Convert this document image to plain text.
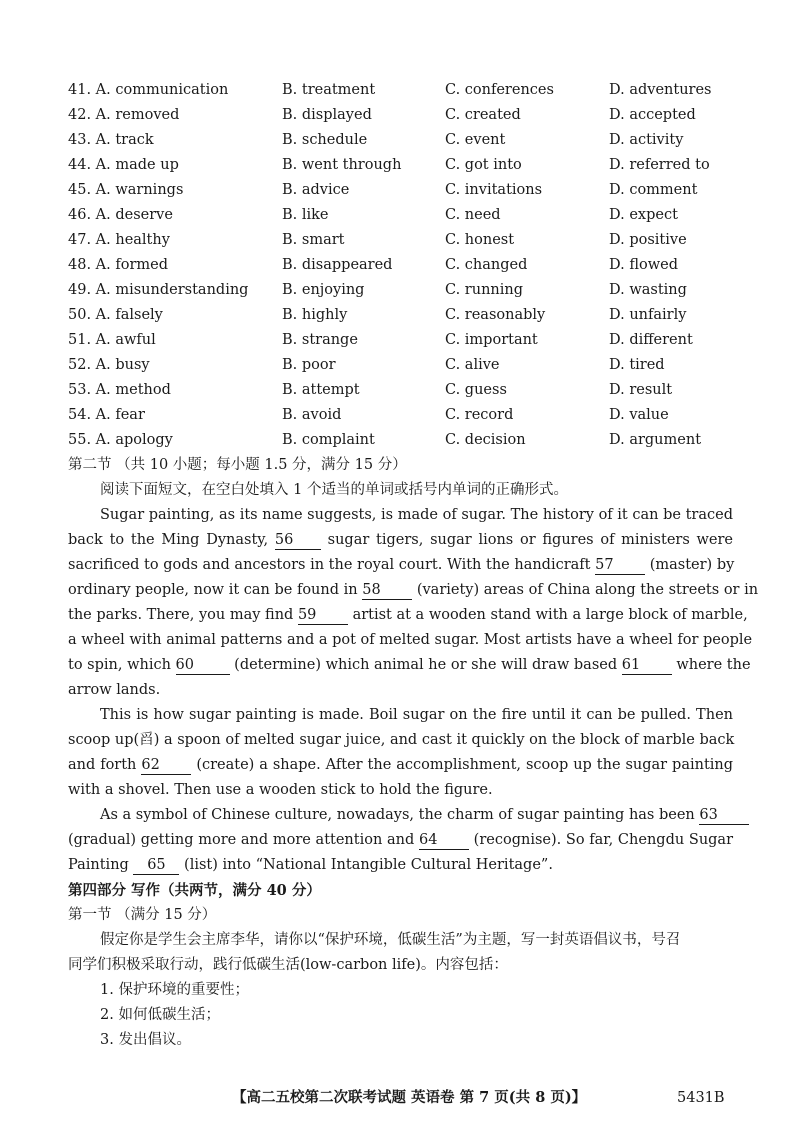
41. A. communication	B. treatment	C. conferences	D. adventures
42. A. removed	B. displayed	C. created	D. accepted
43. A. track	B. schedule	C. event	D. activity
44. A. made up	B. went through	C. got into	D. referred to
45. A. warnings	B. advice	C. invitations	D. comment
46. A. deserve	B. like	C. need	D. expect
47. A. healthy	B. smart	C. honest	D. positive
48. A. formed	B. disappeared	C. changed	D. flowed
49. A. misunderstanding B. enjoying	C. running	D. wasting
50. A. falsely	B. highly	C. reasonably	D. unfairly
51. A. awful	B. strange	C. important	D. different
52. A. busy	B. poor	C. alive	D. tired
53. A. method	B. attempt	C. guess	D. result
54. A. fear	B. avoid	C. record	D. value
55. A. apology	B. complaint	C. decision	D. argument
第二节 （共 10 小题；每小题 1.5 分，满分 15 分）
阅读下面短文，在空白处填入 1 个适当的单词或括号内单词的正确形式。
Sugar painting, as its name suggests, is made of sugar. The history of it can be traced
back to the Ming Dynasty, 56 sugar tigers, sugar lions or figures of ministers were
sacrificed to gods and ancestors in the royal court. With the handicraft 57 (master) by
ordinary people, now it can be found in 58 (variety) areas of China along the streets or in
the parks. There, you may find 59 artist at a wooden stand with a large block of marble,
a wheel with animal patterns and a pot of melted sugar. Most artists have a wheel for people
to spin, which 60	(determine) which animal he or she will draw based 61 where the
arrow lands.
This is how sugar painting is made. Boil sugar on the fire until it can be pulled. Then
scoop up(舀) a spoon of melted sugar juice, and cast it quickly on the block of marble back
and forth 62	(create) a shape. After the accomplishment, scoop up the sugar painting
with a shovel. Then use a wooden stick to hold the figure.
As a symbol of Chinese culture, nowadays, the charm of sugar painting has been 63
(gradual) getting more and more attention and 64	(recognise). So far, Chengdu Sugar
Painting 65 (list) into “National Intangible Cultural Heritage”.
第四部分 写作（共两节，满分 40 分）
第一节 （满分 15 分）
假定你是学生会主席李华，请你以“保护环境，低碳生活”为主题，写一封英语倡议书，号召
同学们积极采取行动，践行低碳生活(low-carbon life)。内容包括：
1. 保护环境的重要性；
2. 如何低碳生活；
3. 发出倡议。
【高二五校第二次联考试题 英语卷 第 7 页(共 8 页)】	5431B
